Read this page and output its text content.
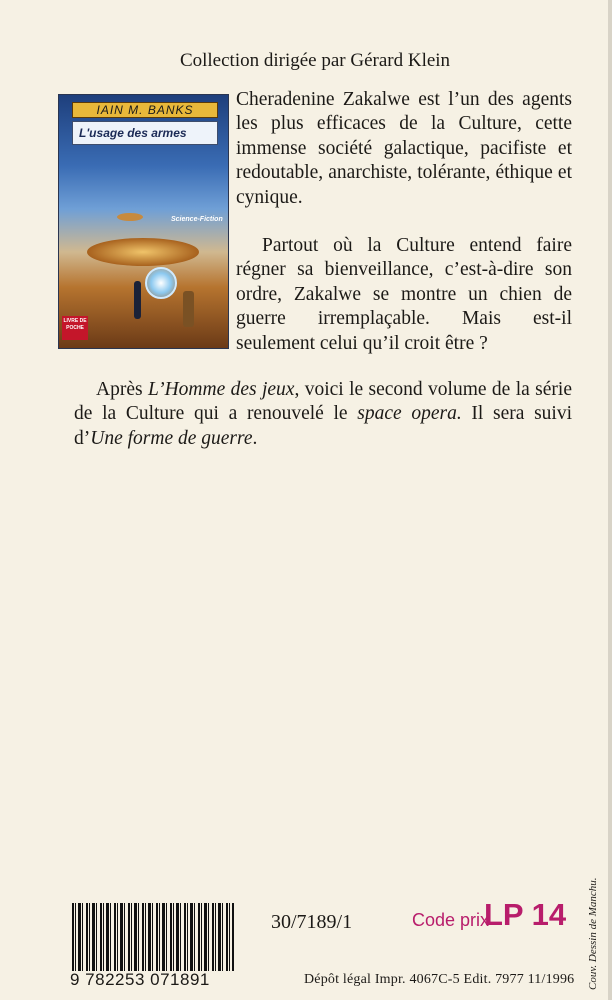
Collection dirigée par Gérard Klein
IAIN M. BANKS
L'usage des armes
Science-Fiction
LIVRE DE POCHE

Cheradenine Zakalwe est l’un des agents les plus efficaces de la Culture, cette immense société galactique, pacifiste et redoutable, anarchiste, tolérante, éthique et cynique.

Partout où la Culture entend faire régner sa bienveillance, c’est-à-dire son ordre, Zakalwe se montre un chien de guerre irremplaçable. Mais est-il seulement celui qu’il croit être ?

Après L’Homme des jeux, voici le second volume de la série de la Culture qui a renouvelé le space opera. Il sera suivi d’Une forme de guerre.

9 782253 071891
30/7189/1	Code prix
LP 14
Dépôt légal Impr. 4067C-5 Edit. 7977 11/1996 Couv. Dessin de Manchu.
